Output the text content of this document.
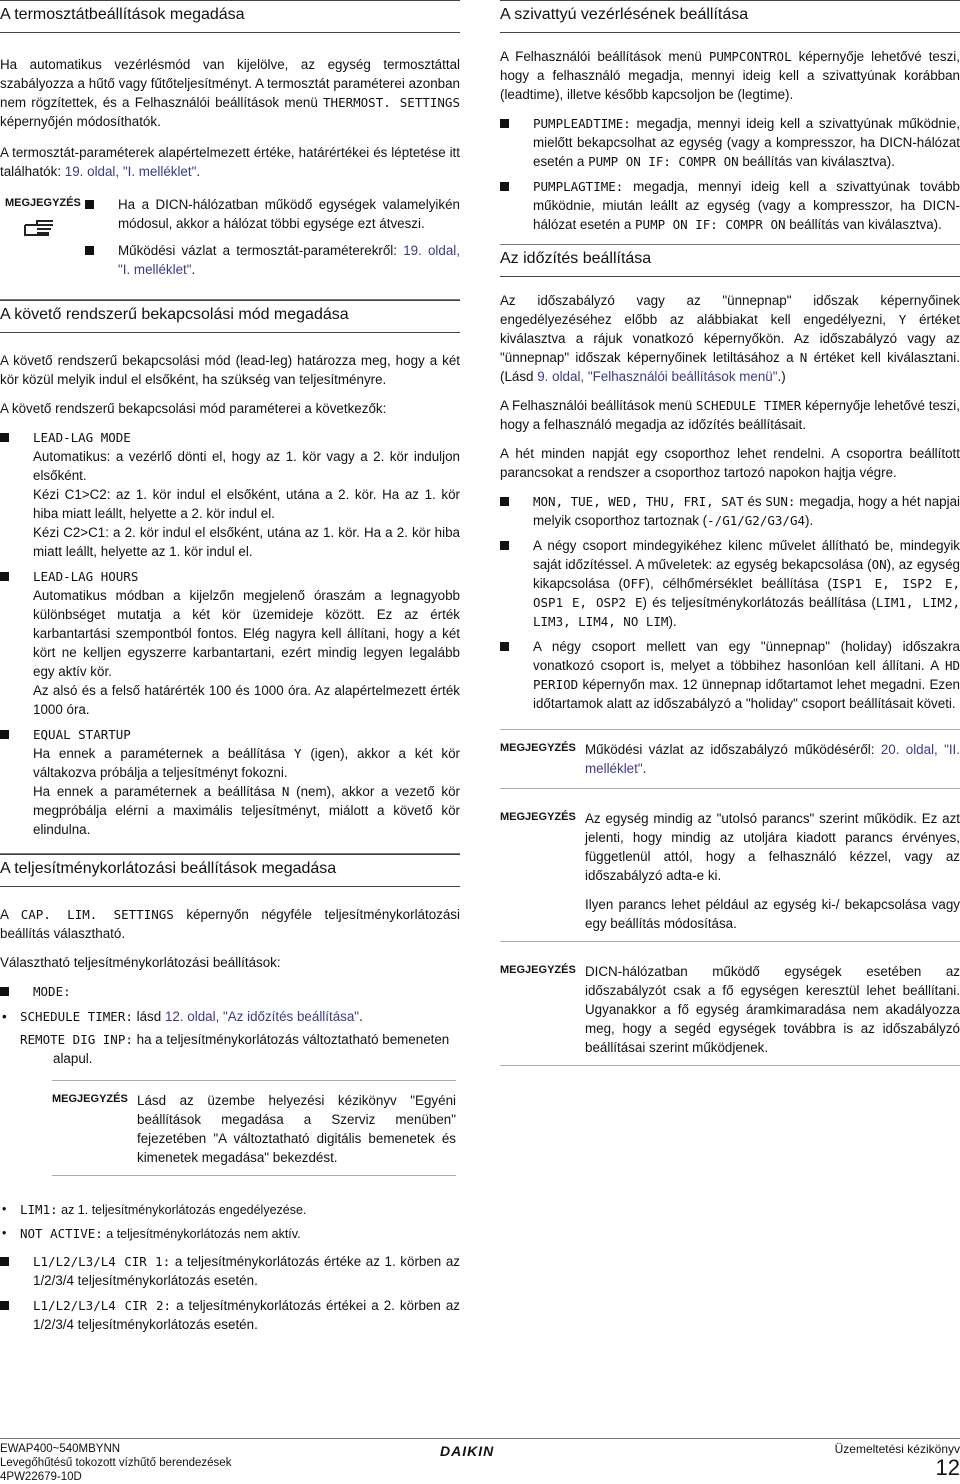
A termosztátbeállítások megadása

Ha automatikus vezérlésmód van kijelölve, az egység termosztáttal szabályozza a hűtő vagy fűtőteljesítményt. A termosztát paraméterei azonban nem rögzítettek, és a Felhasználói beállítások menü THERMOST. SETTINGS képernyőjén módosíthatók.

A termosztát-paraméterek alapértelmezett értéke, határértékei és léptetése itt találhatók: 19. oldal, "I. melléklet".

MEGJEGYZÉS	Ha a DICN-hálózatban működő egységek valamelyikén módosul, akkor a hálózat többi egysége ezt átveszi.
Működési vázlat a termosztát-paraméterekről: 19. oldal, "I. melléklet".
A követő rendszerű bekapcsolási mód megadása

A követő rendszerű bekapcsolási mód (lead-leg) határozza meg, hogy a két kör közül melyik indul el elsőként, ha szükség van teljesítményre.

A követő rendszerű bekapcsolási mód paraméterei a következők:

LEAD-LAG MODE
Automatikus: a vezérlő dönti el, hogy az 1. kör vagy a 2. kör induljon elsőként.
Kézi C1>C2: az 1. kör indul el elsőként, utána a 2. kör. Ha az 1. kör hiba miatt leállt, helyette a 2. kör indul el.
Kézi C2>C1: a 2. kör indul el elsőként, utána az 1. kör. Ha a 2. kör hiba miatt leállt, helyette az 1. kör indul el.
LEAD-LAG HOURS
Automatikus módban a kijelzőn megjelenő óraszám a legnagyobb különbséget mutatja a két kör üzemideje között. Ez az érték karbantartási szempontból fontos. Elég nagyra kell állítani, hogy a két kört ne kelljen egyszerre karbantartani, ezért mindig legyen legalább egy aktív kör.
Az alsó és a felső határérték 100 és 1000 óra. Az alapértelmezett érték 1000 óra.
EQUAL STARTUP
Ha ennek a paraméternek a beállítása Y (igen), akkor a két kör váltakozva próbálja a teljesítményt fokozni.
Ha ennek a paraméternek a beállítása N (nem), akkor a vezető kör megpróbálja elérni a maximális teljesítményt, miálott a követő kör elindulna.
A teljesítménykorlátozási beállítások megadása

A CAP. LIM. SETTINGS képernyőn négyféle teljesítménykorlátozási beállítás választható.

Választható teljesítménykorlátozási beállítások:

MODE:
• SCHEDULE TIMER: lásd 12. oldal, "Az időzítés beállítása".
• REMOTE DIG INP: ha a teljesítménykorlátozás változtatható bemeneten alapul.
MEGJEGYZÉS Lásd az üzembe helyezési kézikönyv "Egyéni beállítások megadása a Szerviz menüben" fejezetében "A változtatható digitális bemenetek és kimenetek megadása" bekezdést.
• LIM1: az 1. teljesítménykorlátozás engedélyezése.
• NOT ACTIVE: a teljesítménykorlátozás nem aktív.
L1/L2/L3/L4 CIR 1: a teljesítménykorlátozás értéke az 1. körben az 1/2/3/4 teljesítménykorlátozás esetén.
L1/L2/L3/L4 CIR 2: a teljesítménykorlátozás értékei a 2. körben az 1/2/3/4 teljesítménykorlátozás esetén.
A szivattyú vezérlésének beállítása

A Felhasználói beállítások menü PUMPCONTROL képernyője lehetővé teszi, hogy a felhasználó megadja, mennyi ideig kell a szivattyúnak korábban (leadtime), illetve később kapcsoljon be (legtime).

PUMPLEADTIME: megadja, mennyi ideig kell a szivattyúnak működnie, mielőtt bekapcsolhat az egység (vagy a kompresszor, ha DICN-hálózat esetén a PUMP ON IF: COMPR ON beállítás van kiválasztva).
PUMPLAGTIME: megadja, mennyi ideig kell a szivattyúnak tovább működnie, miután leállt az egység (vagy a kompresszor, ha DICN-hálózat esetén a PUMP ON IF: COMPR ON beállítás van kiválasztva).
Az időzítés beállítása

Az időszabályzó vagy az "ünnepnap" időszak képernyőinek engedélyezéséhez előbb az alábbiakat kell engedélyezni, Y értéket kiválasztva a rájuk vonatkozó képernyőkön. Az időszabályzó vagy az "ünnepnap" időszak képernyőinek letiltásához a N értéket kell kiválasztani. (Lásd 9. oldal, "Felhasználói beállítások menü".)

A Felhasználói beállítások menü SCHEDULE TIMER képernyője lehetővé teszi, hogy a felhasználó megadja az időzítés beállításait.

A hét minden napját egy csoporthoz lehet rendelni. A csoportra beállított parancsokat a rendszer a csoporthoz tartozó napokon hajtja végre.

MON, TUE, WED, THU, FRI, SAT és SUN: megadja, hogy a hét napjai melyik csoporthoz tartoznak (-/G1/G2/G3/G4).
A négy csoport mindegyikéhez kilenc művelet állítható be, mindegyik saját időzítéssel. A műveletek: az egység bekapcsolása (ON), az egység kikapcsolása (OFF), célhőmérséklet beállítása (ISP1 E, ISP2 E, OSP1 E, OSP2 E) és teljesítménykorlátozás beállítása (LIM1, LIM2, LIM3, LIM4, NO LIM).
A négy csoport mellett van egy "ünnepnap" (holiday) időszakra vonatkozó csoport is, melyet a többihez hasonlóan kell állítani. A HD PERIOD képernyőn max. 12 ünnepnap időtartamot lehet megadni. Ezen időtartamok alatt az időszabályzó a "holiday" csoport beállításait követi.
MEGJEGYZÉS Működési vázlat az időszabályzó működéséről: 20. oldal, "II. melléklet".
MEGJEGYZÉS Az egység mindig az "utolsó parancs" szerint működik. Ez azt jelenti, hogy mindig az utoljára kiadott parancs érvényes, függetlenül attól, hogy a felhasználó kézzel, vagy az időszabályzó adta-e ki.

Ilyen parancs lehet például az egység ki-/ bekapcsolása vagy egy beállítás módosítása.

MEGJEGYZÉS DICN-hálózatban működő egységek esetében az időszabályzót csak a fő egységen keresztül lehet beállítani. Ugyanakkor a fő egység áramkimaradása nem akadályozza meg, hogy a segéd egységek továbbra is az időszabályzó beállításai szerint működjenek.
EWAP400~540MBYNN
Levegőhűtésű tokozott vízhűtő berendezések
4PW22679-10D
DAIKIN	Üzemeltetési kézikönyv
12
